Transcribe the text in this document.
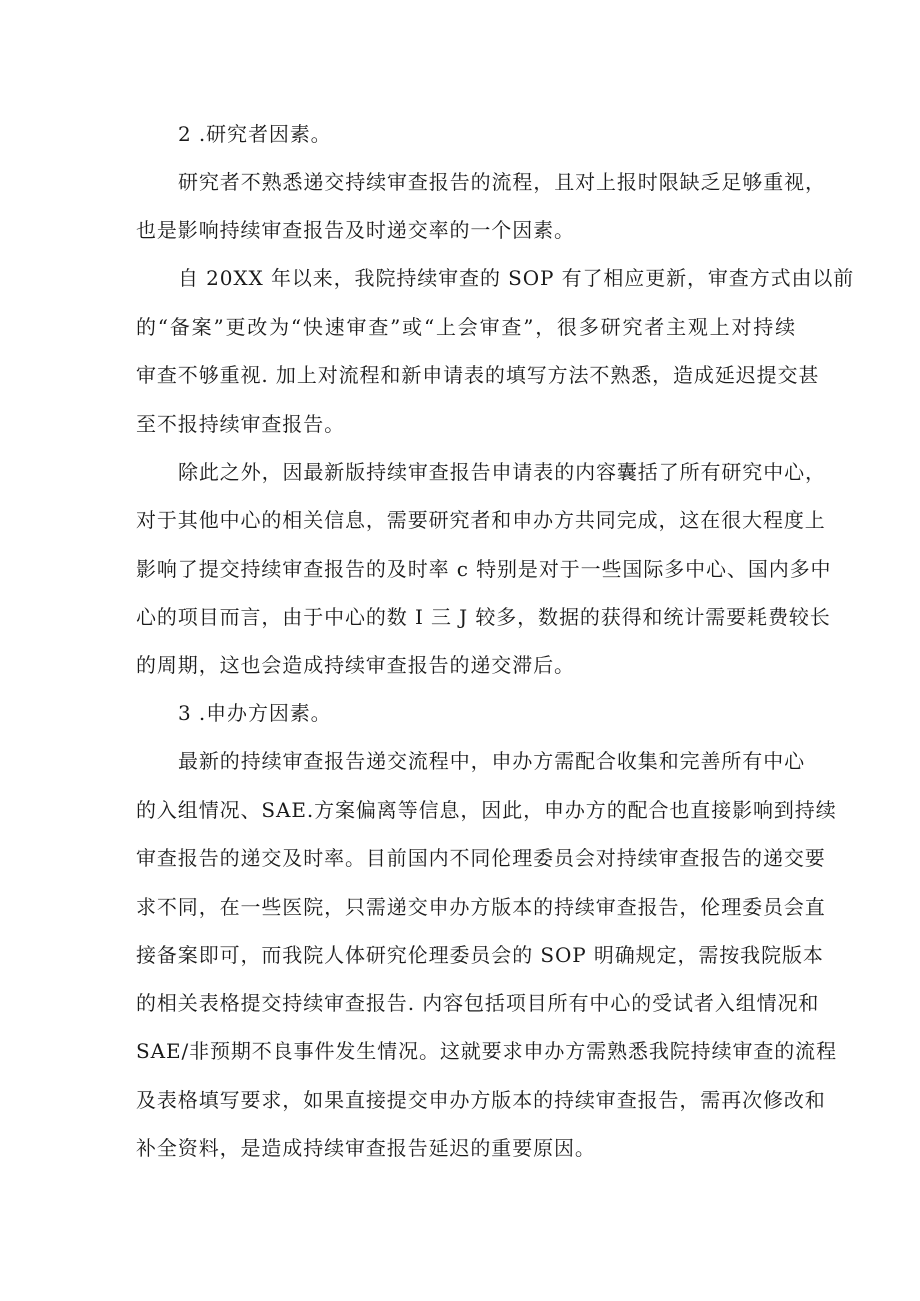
2 .研究者因素。
研究者不熟悉递交持续审查报告的流程，且对上报时限缺乏足够重视，
也是影响持续审查报告及时递交率的一个因素。
自 20XX 年以来，我院持续审查的 SOP 有了相应更新，审查方式由以前
的“备案”更改为“快速审查”或“上会审查”，很多研究者主观上对持续
审查不够重视. 加上对流程和新申请表的填写方法不熟悉，造成延迟提交甚
至不报持续审查报告。
除此之外，因最新版持续审查报告申请表的内容囊括了所有研究中心，
对于其他中心的相关信息，需要研究者和申办方共同完成，这在很大程度上
影响了提交持续审查报告的及时率 c 特别是对于一些国际多中心、国内多中
心的项目而言，由于中心的数 I 三 J 较多，数据的获得和统计需要耗费较长
的周期，这也会造成持续审查报告的递交滞后。
3 .申办方因素。
最新的持续审查报告递交流程中，申办方需配合收集和完善所有中心
的入组情况、SAE.方案偏离等信息，因此，申办方的配合也直接影响到持续
审查报告的递交及时率。目前国内不同伦理委员会对持续审查报告的递交要
求不同，在一些医院，只需递交申办方版本的持续审查报告，伦理委员会直
接备案即可，而我院人体研究伦理委员会的 SOP 明确规定，需按我院版本
的相关表格提交持续审查报告. 内容包括项目所有中心的受试者入组情况和
SAE/非预期不良事件发生情况。这就要求申办方需熟悉我院持续审查的流程
及表格填写要求，如果直接提交申办方版本的持续审查报告，需再次修改和
补全资料，是造成持续审查报告延迟的重要原因。
